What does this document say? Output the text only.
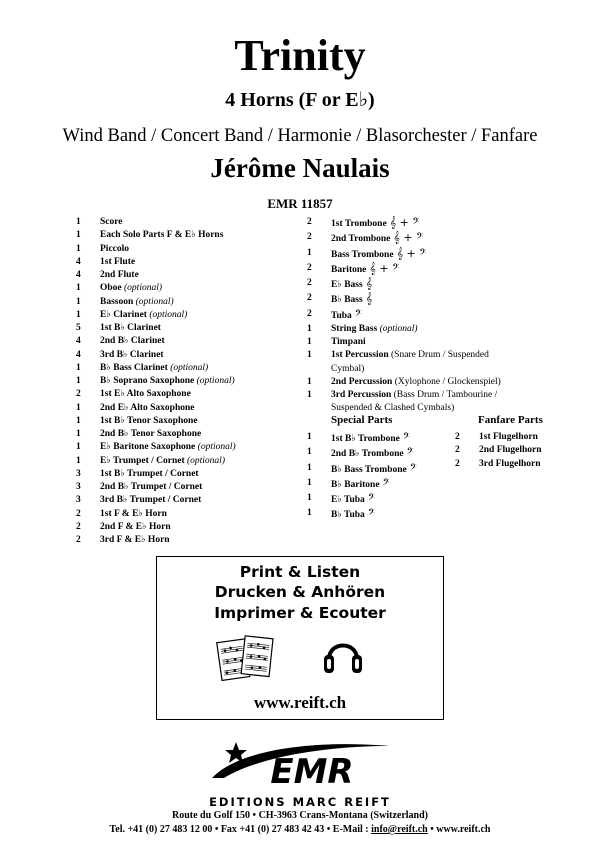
Trinity
4 Horns (F or E♭)
Wind Band / Concert Band / Harmonie / Blasorchester / Fanfare
Jérôme Naulais
EMR 11857
1	Score
1	Each Solo Parts F & E♭ Horns
1	Piccolo
4	1st Flute
4	2nd Flute
1	Oboe (optional)
1	Bassoon (optional)
1	E♭ Clarinet (optional)
5	1st B♭ Clarinet
4	2nd B♭ Clarinet
4	3rd B♭ Clarinet
1	B♭ Bass Clarinet (optional)
1	B♭ Soprano Saxophone (optional)
2	1st E♭ Alto Saxophone
1	2nd E♭ Alto Saxophone
1	1st B♭ Tenor Saxophone
1	2nd B♭ Tenor Saxophone
1	E♭ Baritone Saxophone (optional)
1	E♭ Trumpet / Cornet (optional)
3	1st B♭ Trumpet / Cornet
3	2nd B♭ Trumpet / Cornet
3	3rd B♭ Trumpet / Cornet
2	1st F & E♭ Horn
2	2nd F & E♭ Horn
2	3rd F & E♭ Horn
2	1st Trombone 𝄞 + 𝄢
2	2nd Trombone 𝄞 + 𝄢
1	Bass Trombone 𝄞 + 𝄢
2	Baritone 𝄞 + 𝄢
2	E♭ Bass 𝄞
2	B♭ Bass 𝄞
2	Tuba 𝄢
1	String Bass (optional)
1	Timpani
1	1st Percussion (Snare Drum / Suspended Cymbal)
1	2nd Percussion (Xylophone / Glockenspiel)
1	3rd Percussion (Bass Drum / Tambourine / Suspended & Clashed Cymbals)
Special Parts	Fanfare Parts
1	1st B♭ Trombone 𝄢
1	2nd B♭ Trombone 𝄢
1	B♭ Bass Trombone 𝄢
1	B♭ Baritone 𝄢
1	E♭ Tuba 𝄢
1	B♭ Tuba 𝄢
2	1st Flugelhorn
2	2nd Flugelhorn
2	3rd Flugelhorn
Print & Listen
Drucken & Anhören
Imprimer & Ecouter
www.reift.ch
EMR
EDITIONS MARC REIFT
Route du Golf 150 • CH-3963 Crans-Montana (Switzerland)
Tel. +41 (0) 27 483 12 00 • Fax +41 (0) 27 483 42 43 • E-Mail : info@reift.ch • www.reift.ch
